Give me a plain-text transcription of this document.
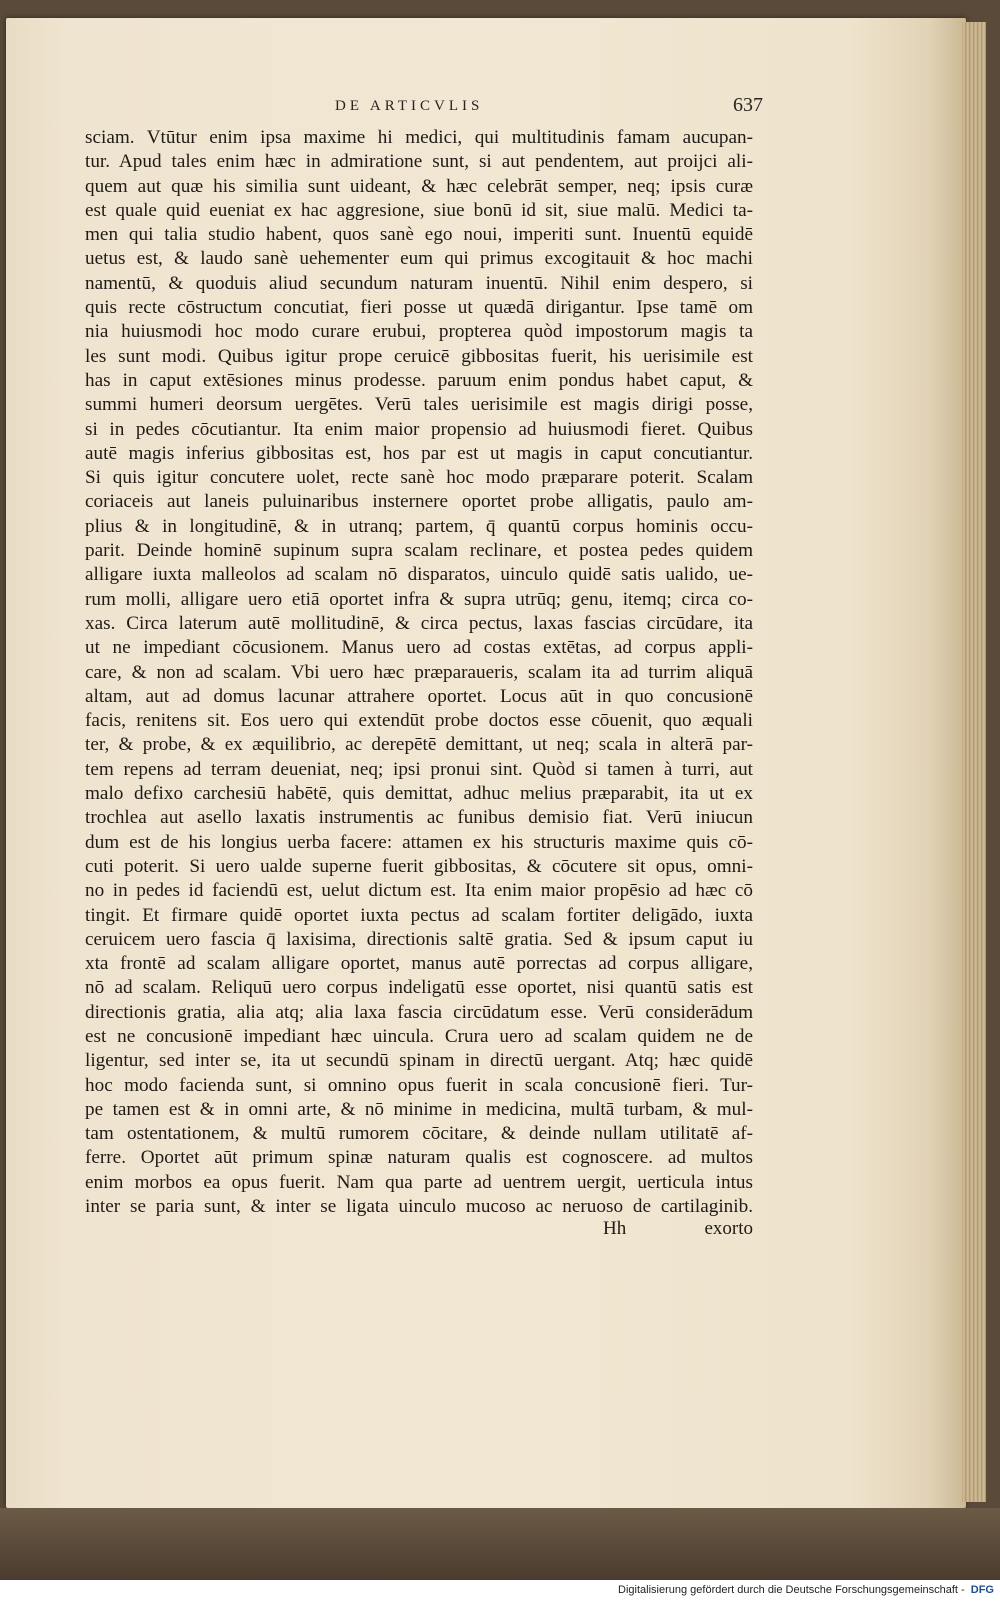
DE ARTICVLIS	637
sciam. Vtūtur enim ipsa maxime hi medici, qui multitudinis famam aucupan-
tur. Apud tales enim hæc in admiratione sunt, si aut pendentem, aut proijci ali-
quem aut quæ his similia sunt uideant, & hæc celebrāt semper, neq; ipsis curæ
est quale quid eueniat ex hac aggresione, siue bonū id sit, siue malū. Medici ta-
men qui talia studio habent, quos sanè ego noui, imperiti sunt. Inuentū equidē
uetus est, & laudo sanè uehementer eum qui primus excogitauit & hoc machi
namentū, & quoduis aliud secundum naturam inuentū. Nihil enim despero, si
quis recte cōstructum concutiat, fieri posse ut quædā dirigantur. Ipse tamē om
nia huiusmodi hoc modo curare erubui, propterea quòd impostorum magis ta
les sunt modi. Quibus igitur prope ceruicē gibbositas fuerit, his uerisimile est
has in caput extēsiones minus prodesse. paruum enim pondus habet caput, &
summi humeri deorsum uergētes. Verū tales uerisimile est magis dirigi posse,
si in pedes cōcutiantur. Ita enim maior propensio ad huiusmodi fieret. Quibus
autē magis inferius gibbositas est, hos par est ut magis in caput concutiantur.
Si quis igitur concutere uolet, recte sanè hoc modo præparare poterit. Scalam
coriaceis aut laneis puluinaribus insternere oportet probe alligatis, paulo am-
plius & in longitudinē, & in utranq; partem, q̄ quantū corpus hominis occu-
parit. Deinde hominē supinum supra scalam reclinare, et postea pedes quidem
alligare iuxta malleolos ad scalam nō disparatos, uinculo quidē satis ualido, ue-
rum molli, alligare uero etiā oportet infra & supra utrūq; genu, itemq; circa co-
xas. Circa laterum autē mollitudinē, & circa pectus, laxas fascias circūdare, ita
ut ne impediant cōcusionem. Manus uero ad costas extētas, ad corpus appli-
care, & non ad scalam. Vbi uero hæc præparaueris, scalam ita ad turrim aliquā
altam, aut ad domus lacunar attrahere oportet. Locus aūt in quo concusionē
facis, renitens sit. Eos uero qui extendūt probe doctos esse cōuenit, quo æquali
ter, & probe, & ex æquilibrio, ac derepētē demittant, ut neq; scala in alterā par-
tem repens ad terram deueniat, neq; ipsi pronui sint. Quòd si tamen à turri, aut
malo defixo carchesiū habētē, quis demittat, adhuc melius præparabit, ita ut ex
trochlea aut asello laxatis instrumentis ac funibus demisio fiat. Verū iniucun
dum est de his longius uerba facere: attamen ex his structuris maxime quis cō-
cuti poterit. Si uero ualde superne fuerit gibbositas, & cōcutere sit opus, omni-
no in pedes id faciendū est, uelut dictum est. Ita enim maior propēsio ad hæc cō
tingit. Et firmare quidē oportet iuxta pectus ad scalam fortiter deligādo, iuxta
ceruicem uero fascia q̄ laxisima, directionis saltē gratia. Sed & ipsum caput iu
xta frontē ad scalam alligare oportet, manus autē porrectas ad corpus alligare,
nō ad scalam. Reliquū uero corpus indeligatū esse oportet, nisi quantū satis est
directionis gratia, alia atq; alia laxa fascia circūdatum esse. Verū considerādum
est ne concusionē impediant hæc uincula. Crura uero ad scalam quidem ne de
ligentur, sed inter se, ita ut secundū spinam in directū uergant. Atq; hæc quidē
hoc modo facienda sunt, si omnino opus fuerit in scala concusionē fieri. Tur-
pe tamen est & in omni arte, & nō minime in medicina, multā turbam, & mul-
tam ostentationem, & multū rumorem cōcitare, & deinde nullam utilitatē af-
ferre. Oportet aūt primum spinæ naturam qualis est cognoscere. ad multos
enim morbos ea opus fuerit. Nam qua parte ad uentrem uergit, uerticula intus
inter se paria sunt, & inter se ligata uinculo mucoso ac neruoso de cartilaginib.
Hh	exorto
Digitalisierung gefördert durch die Deutsche Forschungsgemeinschaft - DFG
